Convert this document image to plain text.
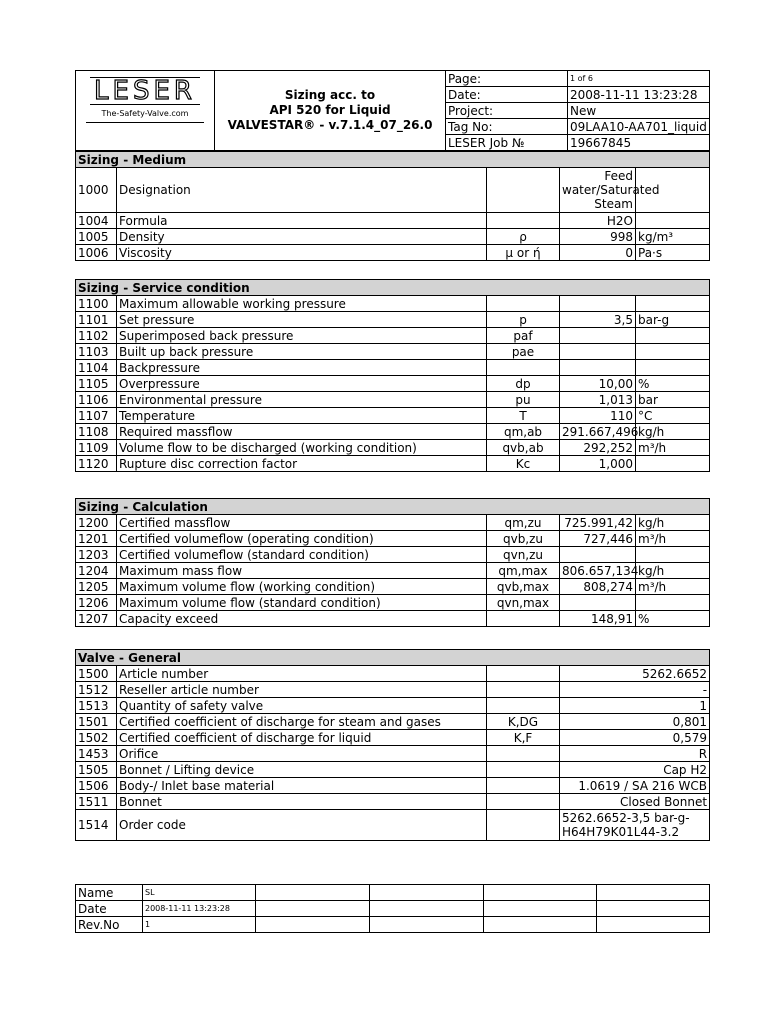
LESER
The-Safety-Valve.com	Sizing acc. to
API 520 for Liquid
VALVESTAR® - v.7.1.4_07_26.0	Page:	1 of 6
		Date:	2008-11-11 13:23:28
		Project:	New
		Tag No:	09LAA10-AA701_liquid
		LESER Job №	19667845
Sizing - Medium				
1000	Designation		Feed water/Saturated Steam	
1004	Formula		H2O	
1005	Density	ρ	998	kg/m³
1006	Viscosity	μ or ή	0	Pa·s
Sizing - Service condition				
1100	Maximum allowable working pressure			
1101	Set pressure	p	3,5	bar-g
1102	Superimposed back pressure	paf		
1103	Built up back pressure	pae		
1104	Backpressure			
1105	Overpressure	dp	10,00	%
1106	Environmental pressure	pu	1,013	bar
1107	Temperature	T	110	°C
1108	Required massflow	qm,ab	291.667,496	kg/h
1109	Volume flow to be discharged (working condition)	qvb,ab	292,252	m³/h
1120	Rupture disc correction factor	Kc	1,000	
Sizing - Calculation				
1200	Certified massflow	qm,zu	725.991,42	kg/h
1201	Certified volumeflow (operating condition)	qvb,zu	727,446	m³/h
1203	Certified volumeflow (standard condition)	qvn,zu		
1204	Maximum mass flow	qm,max	806.657,134	kg/h
1205	Maximum volume flow (working condition)	qvb,max	808,274	m³/h
1206	Maximum volume flow (standard condition)	qvn,max		
1207	Capacity exceed		148,91	%
Valve - General			
1500	Article number		5262.6652
1512	Reseller article number		-
1513	Quantity of safety valve		1
1501	Certified coefficient of discharge for steam and gases	K,DG	0,801
1502	Certified coefficient of discharge for liquid	K,F	0,579
1453	Orifice		R
1505	Bonnet / Lifting device		Cap H2
1506	Body-/ Inlet base material		1.0619 / SA 216 WCB
1511	Bonnet		Closed Bonnet
1514	Order code		5262.6652-3,5 bar-g-H64H79K01L44-3.2
Name	SL				
Date	2008-11-11 13:23:28				
Rev.No	1				
